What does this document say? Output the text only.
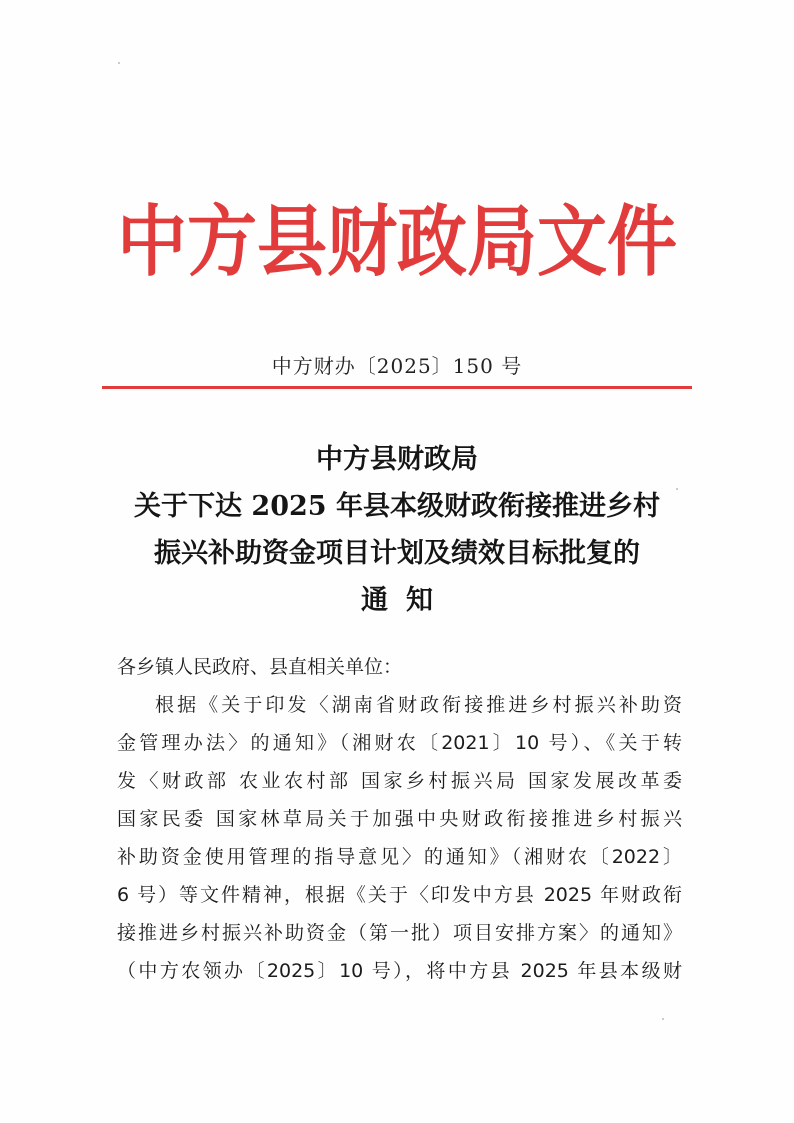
中方县财政局文件
中方财办〔2025〕150 号
中方县财政局
关于下达 2025 年县本级财政衔接推进乡村
振兴补助资金项目计划及绩效目标批复的
通知
各乡镇人民政府、县直相关单位：
根据《关于印发〈湖南省财政衔接推进乡村振兴补助资
金管理办法〉的通知》（湘财农〔2021〕10 号）、《关于转
发〈财政部 农业农村部 国家乡村振兴局 国家发展改革委
国家民委 国家林草局关于加强中央财政衔接推进乡村振兴
补助资金使用管理的指导意见〉的通知》（湘财农〔2022〕
6 号）等文件精神，根据《关于〈印发中方县 2025 年财政衔
接推进乡村振兴补助资金（第一批）项目安排方案〉的通知》
（中方农领办〔2025〕10 号），将中方县 2025 年县本级财
